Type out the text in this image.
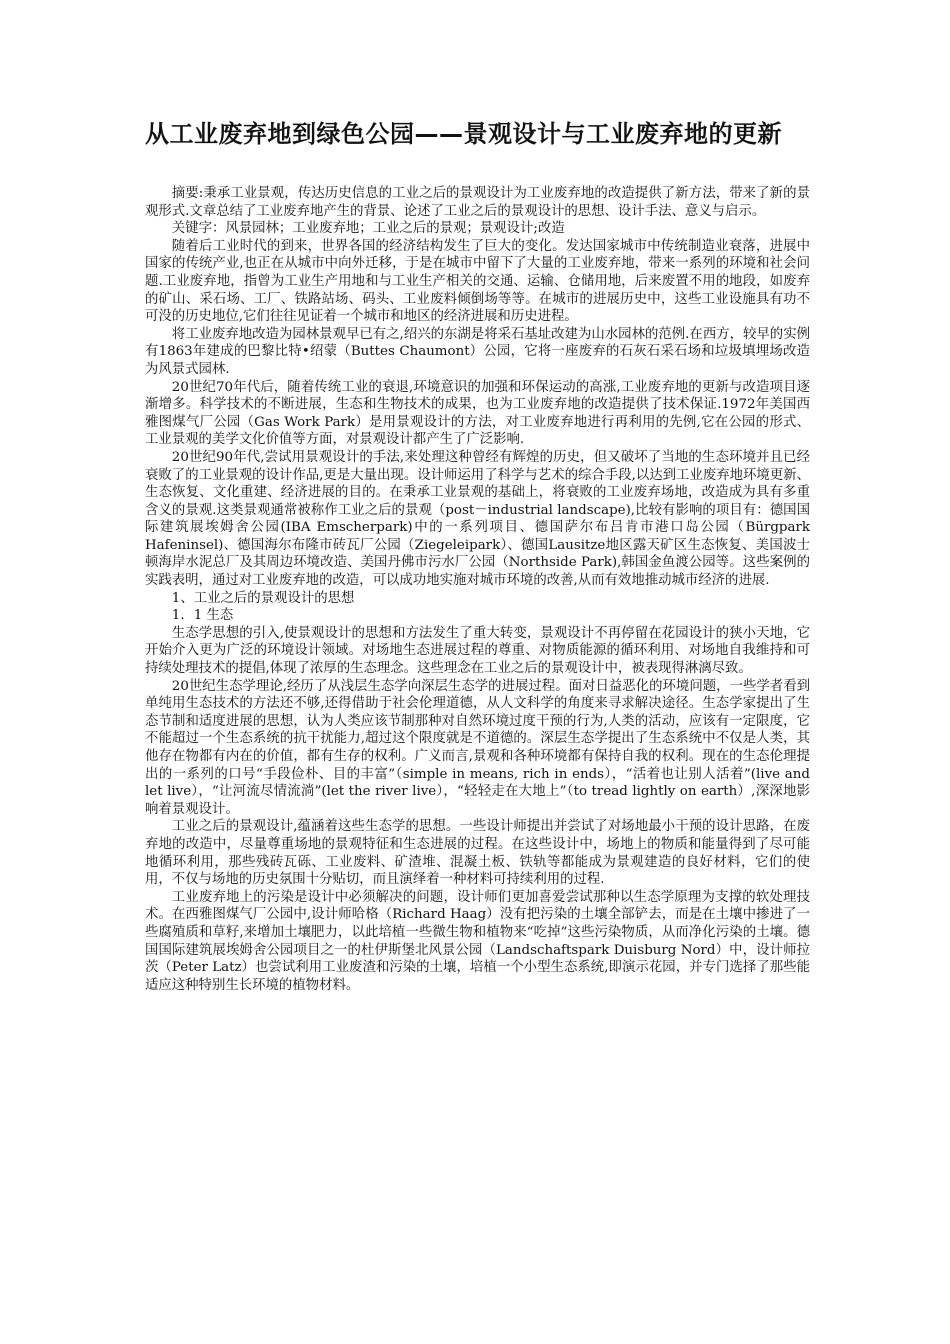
从工业废弃地到绿色公园——景观设计与工业废弃地的更新

摘要:秉承工业景观，传达历史信息的工业之后的景观设计为工业废弃地的改造提供了新方法，带来了新的景观形式.文章总结了工业废弃地产生的背景、论述了工业之后的景观设计的思想、设计手法、意义与启示。

关键字：风景园林；工业废弃地；工业之后的景观；景观设计;改造

随着后工业时代的到来，世界各国的经济结构发生了巨大的变化。发达国家城市中传统制造业衰落，进展中国家的传统产业,也正在从城市中向外迁移，于是在城市中留下了大量的工业废弃地，带来一系列的环境和社会问题.工业废弃地，指曾为工业生产用地和与工业生产相关的交通、运输、仓储用地，后来废置不用的地段，如废弃的矿山、采石场、工厂、铁路站场、码头、工业废料倾倒场等等。在城市的进展历史中，这些工业设施具有功不可没的历史地位,它们往往见证着一个城市和地区的经济进展和历史进程。

将工业废弃地改造为园林景观早已有之,绍兴的东湖是将采石基址改建为山水园林的范例.在西方，较早的实例有1863年建成的巴黎比特•绍蒙（Buttes Chaumont）公园，它将一座废弃的石灰石采石场和垃圾填埋场改造为风景式园林.

20世纪70年代后，随着传统工业的衰退,环境意识的加强和环保运动的高涨,工业废弃地的更新与改造项目逐渐增多。科学技术的不断进展，生态和生物技术的成果，也为工业废弃地的改造提供了技术保证.1972年美国西雅图煤气厂公园（Gas Work Park）是用景观设计的方法，对工业废弃地进行再利用的先例,它在公园的形式、工业景观的美学文化价值等方面，对景观设计都产生了广泛影响.

20世纪90年代,尝试用景观设计的手法,来处理这种曾经有辉煌的历史，但又破坏了当地的生态环境并且已经衰败了的工业景观的设计作品,更是大量出现。设计师运用了科学与艺术的综合手段,以达到工业废弃地环境更新、生态恢复、文化重建、经济进展的目的。在秉承工业景观的基础上，将衰败的工业废弃场地，改造成为具有多重含义的景观.这类景观通常被称作工业之后的景观（post－industrial landscape),比较有影响的项目有：德国国际建筑展埃姆舍公园(IBA Emscherpark)中的一系列项目、德国萨尔布吕肯市港口岛公园（Bürgpark Hafeninsel)、德国海尔布隆市砖瓦厂公园（Ziegeleipark）、德国Lausitze地区露天矿区生态恢复、美国波士顿海岸水泥总厂及其周边环境改造、美国丹佛市污水厂公园（Northside Park),韩国金鱼渡公园等。这些案例的实践表明，通过对工业废弃地的改造，可以成功地实施对城市环境的改善,从而有效地推动城市经济的进展.

1、工业之后的景观设计的思想

1．1 生态

生态学思想的引入,使景观设计的思想和方法发生了重大转变，景观设计不再停留在花园设计的狭小天地，它开始介入更为广泛的环境设计领域。对场地生态进展过程的尊重、对物质能源的循环利用、对场地自我维持和可持续处理技术的提倡,体现了浓厚的生态理念。这些理念在工业之后的景观设计中，被表现得淋漓尽致。

20世纪生态学理论,经历了从浅层生态学向深层生态学的进展过程。面对日益恶化的环境问题，一些学者看到单纯用生态技术的方法还不够,还得借助于社会伦理道德，从人文科学的角度来寻求解决途径。生态学家提出了生态节制和适度进展的思想，认为人类应该节制那种对自然环境过度干预的行为,人类的活动，应该有一定限度，它不能超过一个生态系统的抗干扰能力,超过这个限度就是不道德的。深层生态学提出了生态系统中不仅是人类，其他存在物都有内在的价值，都有生存的权利。广义而言,景观和各种环境都有保持自我的权利。现在的生态伦理提出的一系列的口号“手段俭朴、目的丰富”（simple in means, rich in ends），“活着也让别人活着”(live and let live），“让河流尽情流淌”(let the river live），“轻轻走在大地上”（to tread lightly on earth）,深深地影响着景观设计。

工业之后的景观设计,蕴涵着这些生态学的思想。一些设计师提出并尝试了对场地最小干预的设计思路，在废弃地的改造中，尽量尊重场地的景观特征和生态进展的过程。在这些设计中，场地上的物质和能量得到了尽可能地循环利用，那些残砖瓦砾、工业废料、矿渣堆、混凝土板、铁轨等都能成为景观建造的良好材料，它们的使用，不仅与场地的历史氛围十分贴切，而且演绎着一种材料可持续利用的过程.

工业废弃地上的污染是设计中必须解决的问题，设计师们更加喜爱尝试那种以生态学原理为支撑的软处理技术。在西雅图煤气厂公园中,设计师哈格（Richard Haag）没有把污染的土壤全部铲去，而是在土壤中掺进了一些腐殖质和草籽,来增加土壤肥力，以此培植一些微生物和植物来“吃掉”这些污染物质，从而净化污染的土壤。德国国际建筑展埃姆舍公园项目之一的杜伊斯堡北风景公园（Landschaftspark Duisburg Nord）中，设计师拉茨（Peter Latz）也尝试利用工业废渣和污染的土壤，培植一个小型生态系统,即演示花园，并专门选择了那些能适应这种特别生长环境的植物材料。
